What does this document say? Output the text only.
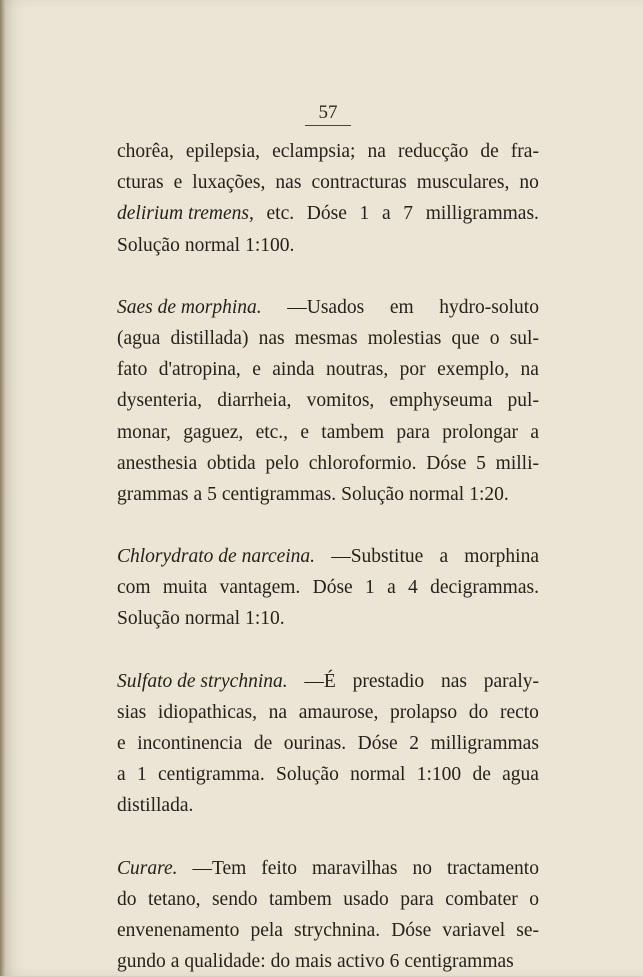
57
chorêa, epilepsia, eclampsia; na reducção de fra-
cturas e luxações, nas contracturas musculares, no
delirium tremens, etc. Dóse 1 a 7 milligrammas.
Solução normal 1:100.
Saes de morphina. —Usados em hydro-soluto
(agua distillada) nas mesmas molestias que o sul-
fato d'atropina, e ainda noutras, por exemplo, na
dysenteria, diarrheia, vomitos, emphyseuma pul-
monar, gaguez, etc., e tambem para prolongar a
anesthesia obtida pelo chloroformio. Dóse 5 milli-
grammas a 5 centigrammas. Solução normal 1:20.
Chlorydrato de narceina. —Substitue a morphina
com muita vantagem. Dóse 1 a 4 decigrammas.
Solução normal 1:10.
Sulfato de strychnina. —É prestadio nas paraly-
sias idiopathicas, na amaurose, prolapso do recto
e incontinencia de ourinas. Dóse 2 milligrammas
a 1 centigramma. Solução normal 1:100 de agua
distillada.
Curare. —Tem feito maravilhas no tractamento
do tetano, sendo tambem usado para combater o
envenenamento pela strychnina. Dóse variavel se-
gundo a qualidade: do mais activo 6 centigrammas
